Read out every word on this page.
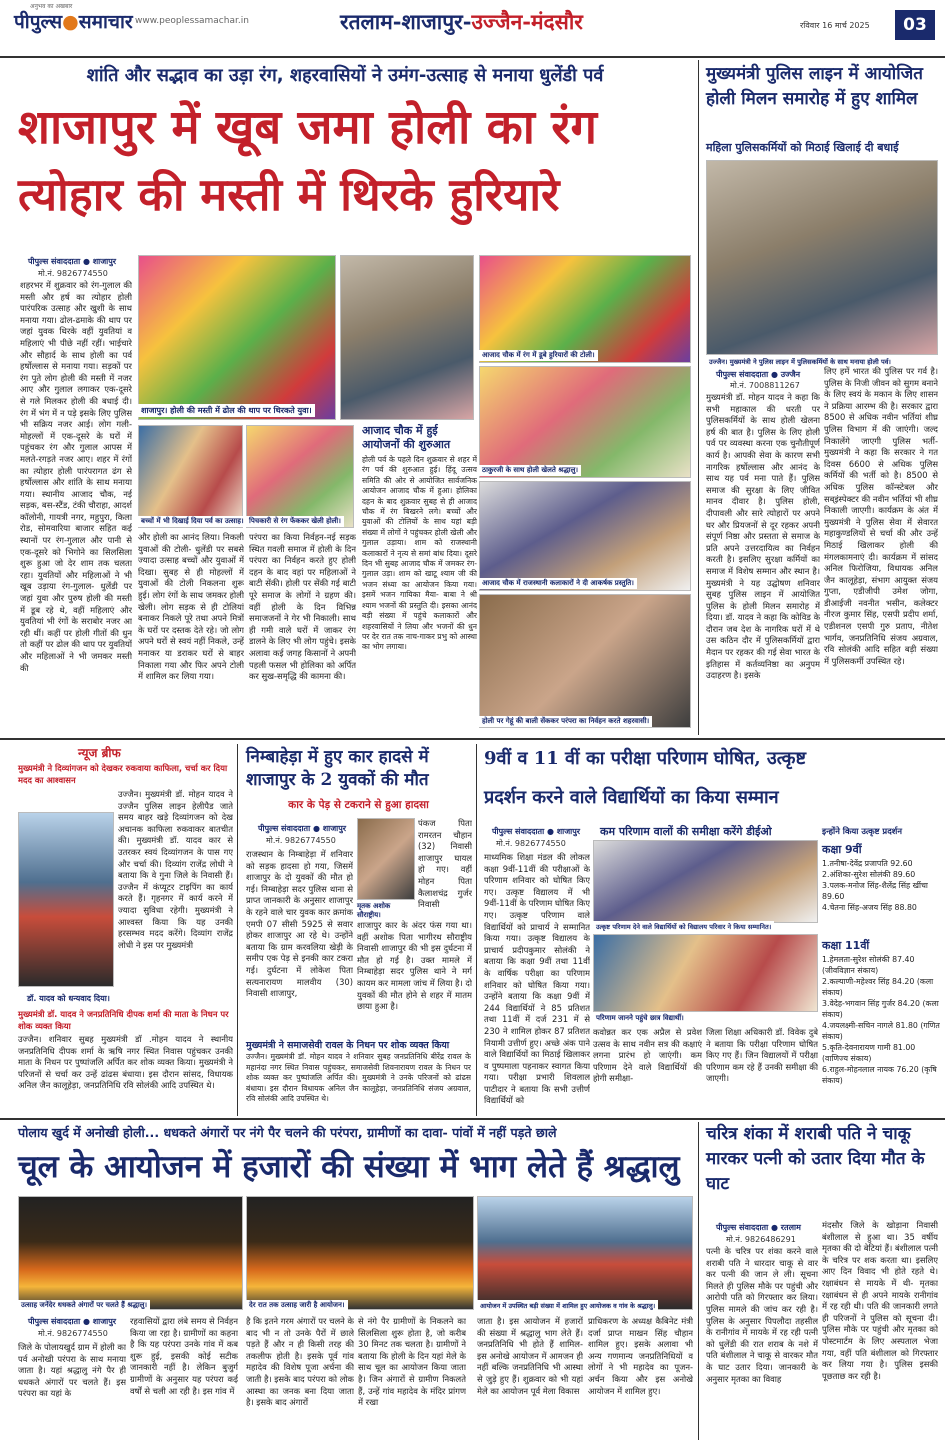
अनुभव का अखबार
पीपुल्स●समाचार www.peoplessamachar.in	रतलाम-शाजापुर-उज्जैन-मंदसौर	रविवार 16 मार्च 2025	03
शांति और सद्भाव का उड़ा रंग, शहरवासियों ने उमंग-उत्साह से मनाया धुलेंडी पर्व
शाजापुर में खूब जमा होली का रंग
त्योहार की मस्ती में थिरके हुरियारे
पीपुल्स संवाददाता ● शाजापुर
मो.नं. 9826774550
शहरभर में शुक्रवार को रंग-गुलाल की मस्ती और हर्ष का त्योहार होली पारंपरिक उत्साह और खुशी के साथ मनाया गया। ढोल-ढमाके की थाप पर जहां युवक थिरके वहीं युवतियां व महिलाएं भी पीछे नहीं रहीं। भाईचारे और सौहार्द के साथ होली का पर्व हर्षोल्लास से मनाया गया। सड़कों पर रंग पुते लोग होली की मस्ती में नजर आए और गुलाल लगाकर एक-दूसरे से गले मिलकर होली की बधाई दी। रंग में भंग में न पड़े इसके लिए पुलिस भी सक्रिय नजर आई। लोग गली-मोहल्लों में एक-दूसरे के घरों में पहुंचकर रंग और गुलाल आपस में मलते-रगड़ते नजर आए। शहर में रंगों का त्योहार होली पारंपरागत ढंग से हर्षोल्लास और शांति के साथ मनाया गया। स्थानीय आजाद चौक, नई सड़क, बस-स्टैंड, टंकी चौराहा, आदर्श कॉलोनी, गायत्री नगर, महुपुरा, किला रोड, सोमवारिया बाजार सहित कई स्थानों पर रंग-गुलाल और पानी से एक-दूसरे को भिगोने का सिलसिला शुरू हुआ जो देर शाम तक चलता रहा। युवतियों और महिलाओं ने भी खूब उड़ाया रंग-गुलाल- धुलेंडी पर जहां युवा और पुरुष होली की मस्ती में डूब रहे थे, वहीं महिलाएं और युवतियां भी रंगों के सराबोर नजर आ रही थीं। कहीं पर होली गीतों की धुन तो कहीं पर ढोल की थाप पर युवतियों और महिलाओं ने भी जमकर मस्ती की
शाजापुर। होली की मस्ती में ढोल की थाप पर थिरकते युवा।
बच्चों में भी दिखाई दिया पर्व का उत्साह। पिचकारी से रंग फेंककर खेली होली।
आजाद चौक में हुई आयोजनों की शुरुआत
होली पर्व के पहले दिन शुक्रवार से शहर में रंग पर्व की शुरुआत हुई। हिंदू उत्सव समिति की ओर से आयोजित सार्वजनिक आयोजन आजाद चौक में हुआ। होलिका दहन के बाद शुक्रवार सुबह से ही आजाद चौक में रंग बिखरने लगे। बच्चों और युवाओं की टोलियों के साथ यहां बड़ी संख्या में लोगों ने पहुंचकर होली खेली और गुलाल उड़ाया। शाम को राजस्थानी कलाकारों ने नृत्य से समां बांध दिया। दूसरे दिन भी सुबह आजाद चौक में जमकर रंग-गुलाल उड़ा। शाम को खाटू श्याम जी की भजन संध्या का आयोजन किया गया। इसमें भजन गायिका मैया- बाबा ने श्री श्याम भजनों की प्रस्तुति दी। इसका आनंद बड़ी संख्या में पहुंचे कलाकारों और शहरवासियों ने लिया और भजनों की धुन पर देर रात तक नाच-गाकर प्रभु को आस्था का भोग लगाया।
और होली का आनंद लिया। निकली युवाओं की टोली- धुलेंडी पर सबसे ज्यादा उत्साह बच्चों और युवाओं में दिखा। सुबह से ही मोहल्लों में युवाओं की टोली निकलना शुरू हुई। लोग रंगों के साथ जमकर होली खेली। लोग सड़क से ही टोलियां बनाकर निकले पूरे तथा अपने मित्रों के घरों पर दस्तक देते रहे। जो लोग अपने घरों से स्वयं नहीं निकले, उन्हें मनाकर या डराकर घरों से बाहर निकाला गया और फिर अपने टोली में शामिल कर लिया गया।
परंपरा का किया निर्वहन-नई सड़क स्थित गवली समाज में होली के दिन परंपरा का निर्वहन करते हुए होली दहन के बाद वहां पर महिलाओं ने बाटी सेंकी। होली पर सेंकी गई बाटी पूरे समाज के लोगों ने ग्रहण की। वहीं होली के दिन विभिन्न समाजजनों ने गेर भी निकाली। साथ ही गमी वाले घरों में जाकर रंग डालने के लिए भी लोग पहुंचे। इसके अलावा कई जगह किसानों ने अपनी पहली फसल भी होलिका को अर्पित कर सुख-समृद्धि की कामना की।
आजाद चौक में रंग में डूबे हुरियारों की टोली।
ठाकुरजी के साथ होली खेलते श्रद्धालु।
आजाद चौक में राजस्थानी कलाकारों ने दी आकर्षक प्रस्तुति।
होली पर गेहूं की बाली सेंककर परंपरा का निर्वहन करते शहरवासी।
मुख्यमंत्री पुलिस लाइन में आयोजित होली मिलन समारोह में हुए शामिल
महिला पुलिसकर्मियों को मिठाई खिलाई दी बधाई
उज्जैन। मुख्यमंत्री ने पुलिस लाइन में पुलिसकर्मियों के साथ मनाया होली पर्व।
पीपुल्स संवाददाता ● उज्जैन
मो.नं. 7008811267
मुख्यमंत्री डॉ. मोहन यादव ने कहा कि सभी महाकाल की धरती पर पुलिसकर्मियों के साथ होली खेलना हर्ष की बात है। पुलिस के लिए होली पर्व पर व्यवस्था करना एक चुनौतीपूर्ण कार्य है। आपकी सेवा के कारण सभी नागरिक हर्षोल्लास और आनंद के साथ यह पर्व मना पाते हैं। पुलिस समाज की सुरक्षा के लिए जीवित मानव दीवार है। पुलिस होली, दीपावली और सारे त्योहारों पर अपने घर और प्रियजनों से दूर रहकर अपनी संपूर्ण निष्ठा और प्रस्तता से समाज के प्रति अपने उत्तरदायित्व का निर्वहन करती है। इसलिए सुरक्षा कर्मियों का समाज में विशेष सम्मान और स्थान है। मुख्यमंत्री ने यह उद्घोषण शनिवार सुबह पुलिस लाइन में आयोजित पुलिस के होली मिलन समारोह में दिया। डॉ. यादव ने कहा कि कोविड के दौरान जब देश के नागरिक घरों में थे उस कठिन दौर में पुलिसकर्मियों द्वारा मैदान पर रहकर की गई सेवा भारत के इतिहास में कर्तव्यनिष्ठा का अनुपम उदाहरण है। इसके
लिए हमें भारत की पुलिस पर गर्व है। पुलिस के निजी जीवन को सुगम बनाने के लिए स्वयं के मकान के लिए शासन ने प्रक्रिया आरम्भ की है। सरकार द्वारा 8500 से अधिक नवीन भर्तियां शीघ्र पुलिस विभाग में की जाएंगी। जल्द निकालेंगे जाएगी पुलिस भर्ती- मुख्यमंत्री ने कहा कि सरकार ने गत दिवस 6600 से अधिक पुलिस कर्मियों की भर्ती को है। 8500 से अधिक पुलिस कॉन्स्टेबल और सब्इंस्पेक्टर की नवीन भर्तियां भी शीघ्र निकाली जाएगी। कार्यक्रम के अंत में मुख्यमंत्री ने पुलिस सेवा में सेवारत महाकुण्डलियों से चर्चा की और उन्हें मिठाई खिलाकर होली की मंगलकामनाएं दी। कार्यक्रम में सांसद अनिल फिरोजिया, विधायक अनिल जैन कालूहेड़ा, संभाग आयुक्त संजय गुप्ता, एडीजीपी उमेश जोगा, डीआईजी नवनीत भसीन, कलेक्टर नीरज कुमार सिंह, एसपी प्रदीप शर्मा, एडीशनल एसपी गुरु प्रताप, नीतेश भार्गव, जनप्रतिनिधि संजय अग्रवाल, रवि सोलंकी आदि सहित बड़ी संख्या में पुलिसकर्मी उपस्थित रहे।
न्यूज ब्रीफ
मुख्यमंत्री ने दिव्यांगजन को देखकर रुकवाया काफिला, चर्चा कर दिया मदद का आश्वासन
उज्जैन। मुख्यमंत्री डॉ. मोहन यादव ने उज्जैन पुलिस लाइन हेलीपैड जाते समय बाहर खड़े दिव्यांगजन को देख अचानक काफिला रुकवाकर बातचीत की। मुख्यमंत्री डॉ. यादव कार से उतरकर स्वयं दिव्यांगजन के पास गए और चर्चा की। दिव्यांग राजेंद्र लोधी ने बताया कि वे गुना जिले के निवासी हैं। उज्जैन में कंप्यूटर टाइपिंग का कार्य करते हैं। गृहनगर में कार्य करने में ज्यादा सुविधा रहेगी। मुख्यमंत्री ने आश्वस्त किया कि यह उनकी हरसम्भव मदद करेंगे। दिव्यांग राजेंद्र लोधी ने इस पर मुख्यमंत्री
डॉ. यादव को धन्यवाद दिया।
मुख्यमंत्री डॉ. यादव ने जनप्रतिनिधि दीपक शर्मा की माता के निधन पर शोक व्यक्त किया
उज्जैन। शनिवार सुबह मुख्यमंत्री डॉ .मोहन यादव ने स्थानीय जनप्रतिनिधि दीपक शर्मा के ऋषि नगर स्थित निवास पहुंचकर उनकी माता के निधन पर पुष्पांजलि अर्पित कर शोक व्यक्त किया। मुख्यमंत्री ने परिजनों से चर्चा कर उन्हें ढांढस बंधाया। इस दौरान सांसद, विधायक अनिल जैन कालूहेड़ा, जनप्रतिनिधि रवि सोलंकी आदि उपस्थित थे।
निम्बाहेड़ा में हुए कार हादसे में शाजापुर के 2 युवकों की मौत
कार के पेड़ से टकराने से हुआ हादसा
पीपुल्स संवाददाता ● शाजापुर
मो.नं. 9826774550
मृतक अशोक सौराष्ट्रीय।
पंकज पिता रामरतन चौहान (32) निवासी शाजापुर घायल हो गए। वहीं मोहन पिता कैलाशचंद्र गुर्जर निवासी
राजस्थान के निम्बाहेड़ा में शनिवार को सड़क हादसा हो गया, जिसमें शाजापुर के दो युवकों की मौत हो गई। निम्बाहेड़ा सदर पुलिस थाना से प्राप्त जानकारी के अनुसार शाजापुर के रहने वाले चार युवक कार क्रमांक एमपी 07 सीसी 5925 से सवार होकर शाजापुर आ रहे थे। उन्होंने बताया कि ग्राम करवलिया खेड़ी के समीप एक पेड़ से इनकी कार टकरा गई। दुर्घटना में लोकेश पिता सत्यनारायण मालवीय (30) निवासी शाजापुर,
शाजापुर कार के अंदर फंस गया था। वहीं अशोक पिता भागीरथ सौराष्ट्रीय निवासी शाजापुर की भी इस दुर्घटना में मौत हो गई है। उक्त मामले में निम्बाहेड़ा सदर पुलिस थाने ने मर्ग कायम कर मामला जांच में लिया है। दो युवकों की मौत होने से शहर में मातम छाया हुआ है।
मुख्यमंत्री ने समाजसेवी रावल के निधन पर शोक व्यक्त किया
उज्जैन। मुख्यमंत्री डॉ. मोहन यादव ने शनिवार सुबह जनप्रतिनिधि बीरेंद्र रावल के महानंदा नगर स्थित निवास पहुंचकर, समाजसेवी शिवनारायण रावल के निधन पर शोक व्यक्त कर पुष्पांजलि अर्पित की। मुख्यमंत्री ने उनके परिजनों को ढांढस बंधाया। इस दौरान विधायक अनिल जैन कालूहेड़ा, जनप्रतिनिधि संजय अग्रवाल, रवि सोलंकी आदि उपस्थित थे।
9वीं व 11 वीं का परीक्षा परिणाम घोषित, उत्कृष्ट
प्रदर्शन करने वाले विद्यार्थियों का किया सम्मान
कम परिणाम वालों की समीक्षा करेंगे डीईओ
पीपुल्स संवाददाता ● शाजापुर
मो.नं. 9826774550
माध्यमिक शिक्षा मंडल की लोकल कक्षा 9वीं-11वीं की परीक्षाओं के परिणाम शनिवार को घोषित किए गए। उत्कृष्ट विद्यालय में भी 9वीं-11वीं के परिणाम घोषित किए गए। उत्कृष्ट परिणाम वाले विद्यार्थियों को प्राचार्य ने सम्मानित किया गया। उत्कृष्ट विद्यालय के प्राचार्य प्रदीपकुमार सोलंकी ने बताया कि कक्षा 9वीं तथा 11वीं के वार्षिक परीक्षा का परिणाम शनिवार को घोषित किया गया। उन्होंने बताया कि कक्षा 9वीं में 244 विद्यार्थियों ने 85 प्रतिशत तथा 11वीं में दर्ज 231 में से 230 ने शामिल होकर 87 प्रतिशत नियामी उत्तीर्ण हुए। अच्छे अंक पाने वाले विद्यार्थियों का मिठाई खिलाकर व पुष्पमाला पहनाकर स्वागत किया गया। परीक्षा प्रभारी शिवलाल पाटीदार ने बताया कि सभी उत्तीर्ण विद्यार्थियों को
उत्कृष्ट परिणाम देने वाले विद्यार्थियों को विद्यालय परिवार ने किया सम्मानित।
परिणाम जानने पहुंचे छात्र विद्यार्थी।
कवोन्नत कर एक अप्रैल से प्रवेश उत्सव के साथ नवीन सत्र की कक्षाएं लगना प्रारंभ हो जाएंगी। कम परिणाम देने वाले विद्यार्थियों की होगी समीक्षा-
जिला शिक्षा अधिकारी डॉ. विवेक दुबे ने बताया कि परीक्षा परिणाम घोषित किए गए हैं। जिन विद्यालयों में परीक्षा परिणाम कम रहे हैं उनकी समीक्षा की जाएगी।
इन्होंने किया उत्कृष्ट प्रदर्शन
कक्षा 9वीं
1.तनीषा-देवेंद्र प्रजापति 92.60
2.अंशिका-सुरेश सोलंकी 89.60
3.पलक-मनोज सिंह-शैलेंद्र सिंह खींचा 89.60
4.चेतना सिंह-अजय सिंह 88.80
कक्षा 11वीं
1.हेमलता-सुरेश सोलंकी 87.40 (जीवविज्ञान संकाय)
2.कल्याणी-महेश्वर सिंह 84.20 (कला संकाय)
3.वेदेह-भगवान सिंह गुर्जर 84.20 (कला संकाय)
4.जयलक्ष्मी-सचिन नागले 81.80 (गणित संकाय)
5.कृति-देवनारायण गामी 81.00 (वाणिज्य संकाय)
6.राहुल-मोहनलाल नायक 76.20 (कृषि संकाय)
पोलाय खुर्द में अनोखी होली... धधकते अंगारों पर नंगे पैर चलने की परंपरा, ग्रामीणों का दावा- पांवों में नहीं पड़ते छाले
चूल के आयोजन में हजारों की संख्या में भाग लेते हैं श्रद्धालु
उत्साह जनेंदेर धधकते अंगारों पर चलते हैं श्रद्धालु।	देर रात तक उत्साह जारी है आयोजन।	आयोजन में उपस्थित बड़ी संख्या में शामिल हुए आयोजक व गांव के श्रद्धालु।
पीपुल्स संवाददाता ● शाजापुर
मो.नं. 9826774550
जिले के पोलायखुर्द ग्राम में होली का पर्व अनोखी परंपरा के साथ मनाया जाता है। यहां श्रद्धालु नंगे पैर ही धधकते अंगारों पर चलते हैं। इस परंपरा का यहां के
रहवासियों द्वारा लंबे समय से निर्वहन किया जा रहा है। ग्रामीणों का कहना है कि यह परंपरा उनके गांव में कब शुरू हुई, इसकी कोई सटीक जानकारी नहीं है। लेकिन बुजुर्ग ग्रामीणों के अनुसार यह परंपरा कई वर्षों से चली आ रही है। इस गांव में
है कि इतने गरम अंगारों पर चलने के बाद भी न तो उनके पैरों में छाले पड़ते हैं और न ही किसी तरह की तकलीफ होती है। इसके पूर्व गांव महादेव की विशेष पूजा अर्चना की जाती है। इसके बाद परंपरा को लोक आस्था का जनक बना दिया जाता है। इसके बाद अंगारों
से नंगे पैर ग्रामीणों के निकलने का सिलसिला शुरू होता है, जो करीब 30 मिनट तक चलता है। ग्रामीणों ने बताया कि होली के दिन यहां मेले के साथ चूल का आयोजन किया जाता है। जिन अंगारों से ग्रामीण निकलते हैं, उन्हें गांव महादेव के मंदिर प्रांगण में रखा
जाता है। इस आयोजन में हजारों की संख्या में श्रद्धालु भाग लेते हैं। जनप्रतिनिधि भी होते हैं शामिल- इस अनोखे आयोजन में आमजन ही नहीं बल्कि जनप्रतिनिधि भी आस्था से जुड़े हुए हैं। शुक्रवार को भी यहां मेले का आयोजन पूर्व मेला विकास
प्राधिकरण के अध्यक्ष कैबिनेट मंत्री दर्जा प्राप्त माखन सिंह चौहान शामिल हुए। इसके अलावा भी अन्य गणमान्य जनप्रतिनिधियों व लोगों ने भी महादेव का पूजन-अर्चन किया और इस अनोखे आयोजन में शामिल हुए।
चरित्र शंका में शराबी पति ने चाकू मारकर पत्नी को उतार दिया मौत के घाट
पीपुल्स संवाददाता ● रतलाम
मो.नं. 9826486291
पत्नी के चरित्र पर शंका करने वाले शराबी पति ने धारदार चाकू से वार कर पत्नी की जान ले ली। सूचना मिलते ही पुलिस मौके पर पहुंची और आरोपी पति को गिरफ्तार कर लिया। पुलिस मामले की जांच कर रही है। पुलिस के अनुसार पिपलौदा तहसील के रानीगांव में मायके में रह रही पत्नी को धुलेंडी की रात शराब के नशे में पति बंशीलाल ने चाकू से वारकर मौत के घाट उतार दिया। जानकारी के अनुसार मृतका का विवाह
मंदसौर जिले के खोड़ाना निवासी बंशीलाल से हुआ था। 35 वर्षीय मृतका की दो बेटियां हैं। बंशीलाल पत्नी के चरित्र पर शक करता था। इसलिए आए दिन विवाद भी होते रहते थे। रक्षाबंधन से मायके में थी- मृतका रक्षाबंधन से ही अपने मायके रानीगांव में रह रही थी। पति की जानकारी लगते ही परिजनों ने पुलिस को सूचना दी। पुलिस मौके पर पहुंची और मृतका को पोस्टमार्टम के लिए अस्पताल भेजा गया, वहीं पति बंशीलाल को गिरफ्तार कर लिया गया है। पुलिस इसकी पूछताछ कर रही है।
